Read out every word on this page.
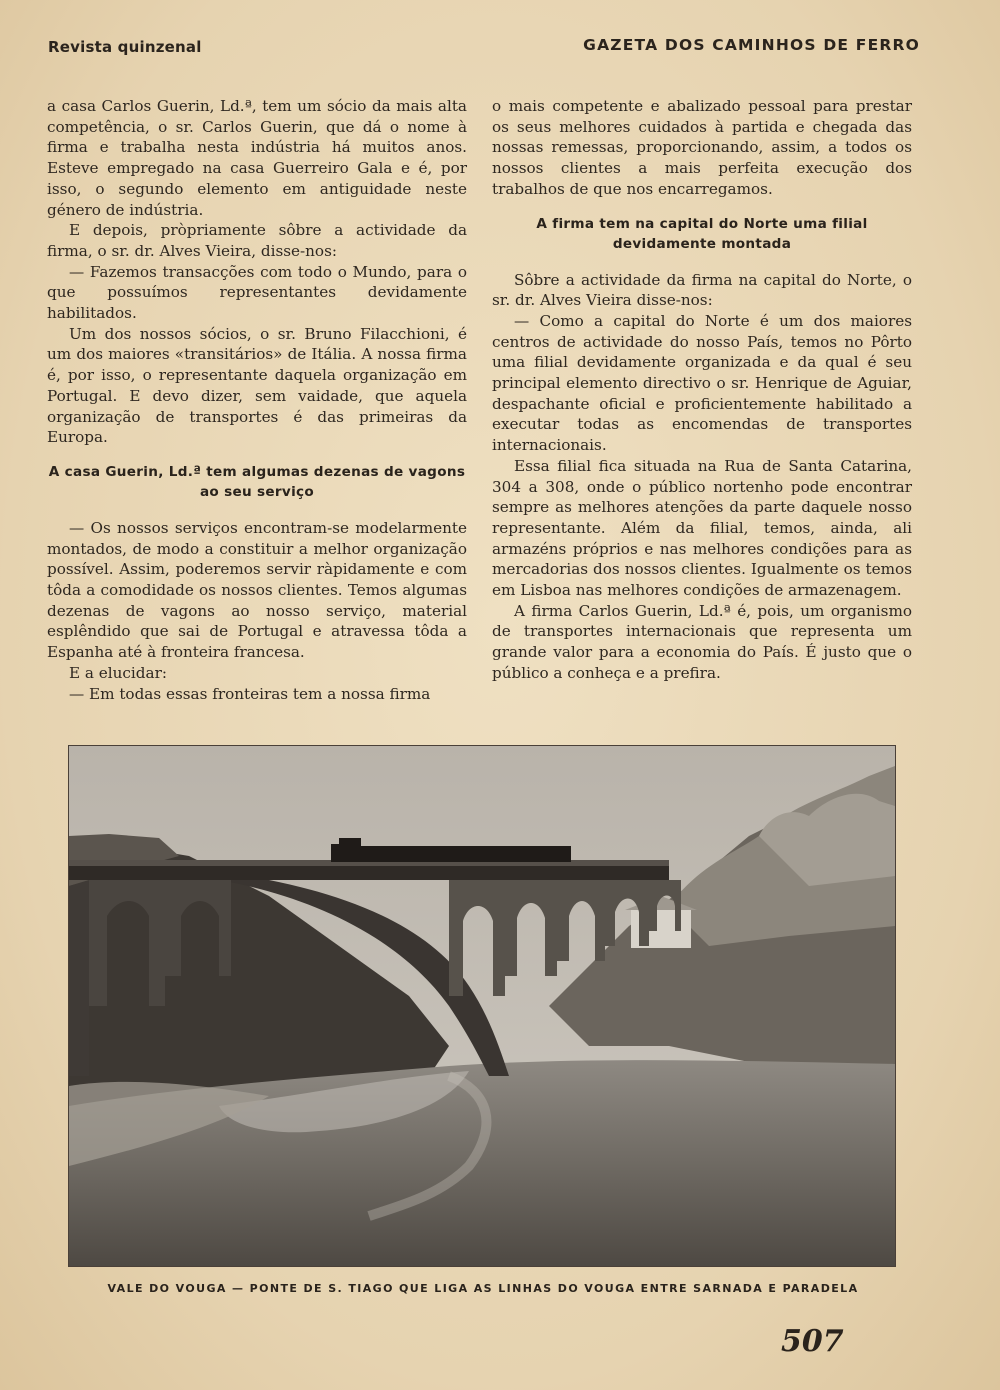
Revista quinzenal	GAZETA DOS CAMINHOS DE FERRO

a casa Carlos Guerin, Ld.ª, tem um sócio da mais alta competência, o sr. Carlos Guerin, que dá o nome à firma e trabalha nesta indústria há muitos anos. Esteve empregado na casa Guerreiro Gala e é, por isso, o segundo elemento em antiguidade neste género de indústria.

E depois, pròpriamente sôbre a actividade da firma, o sr. dr. Alves Vieira, disse-nos:

— Fazemos transacções com todo o Mundo, para o que possuímos representantes devidamente habilitados.

Um dos nossos sócios, o sr. Bruno Filacchioni, é um dos maiores «transitários» de Itália. A nossa firma é, por isso, o representante daquela organização em Portugal. E devo dizer, sem vaidade, que aquela organização de transportes é das primeiras da Europa.

A casa Guerin, Ld.ª tem algumas dezenas de vagons ao seu serviço

— Os nossos serviços encontram-se modelarmente montados, de modo a constituir a melhor organização possível. Assim, poderemos servir ràpidamente e com tôda a comodidade os nossos clientes. Temos algumas dezenas de vagons ao nosso serviço, material esplêndido que sai de Portugal e atravessa tôda a Espanha até à fronteira francesa.

E a elucidar:

— Em todas essas fronteiras tem a nossa firma

o mais competente e abalizado pessoal para prestar os seus melhores cuidados à partida e chegada das nossas remessas, proporcionando, assim, a todos os nossos clientes a mais perfeita execução dos trabalhos de que nos encarregamos.

A firma tem na capital do Norte uma filial devidamente montada

Sôbre a actividade da firma na capital do Norte, o sr. dr. Alves Vieira disse-nos:

— Como a capital do Norte é um dos maiores centros de actividade do nosso País, temos no Pôrto uma filial devidamente organizada e da qual é seu principal elemento directivo o sr. Henrique de Aguiar, despachante oficial e proficientemente habilitado a executar todas as encomendas de transportes internacionais.

Essa filial fica situada na Rua de Santa Catarina, 304 a 308, onde o público nortenho pode encontrar sempre as melhores atenções da parte daquele nosso representante. Além da filial, temos, ainda, ali armazéns próprios e nas melhores condições para as mercadorias dos nossos clientes. Igualmente os temos em Lisboa nas melhores condições de armazenagem.

A firma Carlos Guerin, Ld.ª é, pois, um organismo de transportes internacionais que representa um grande valor para a economia do País. É justo que o público a conheça e a prefira.

VALE DO VOUGA — PONTE DE S. TIAGO QUE LIGA AS LINHAS DO VOUGA ENTRE SARNADA E PARADELA
507
